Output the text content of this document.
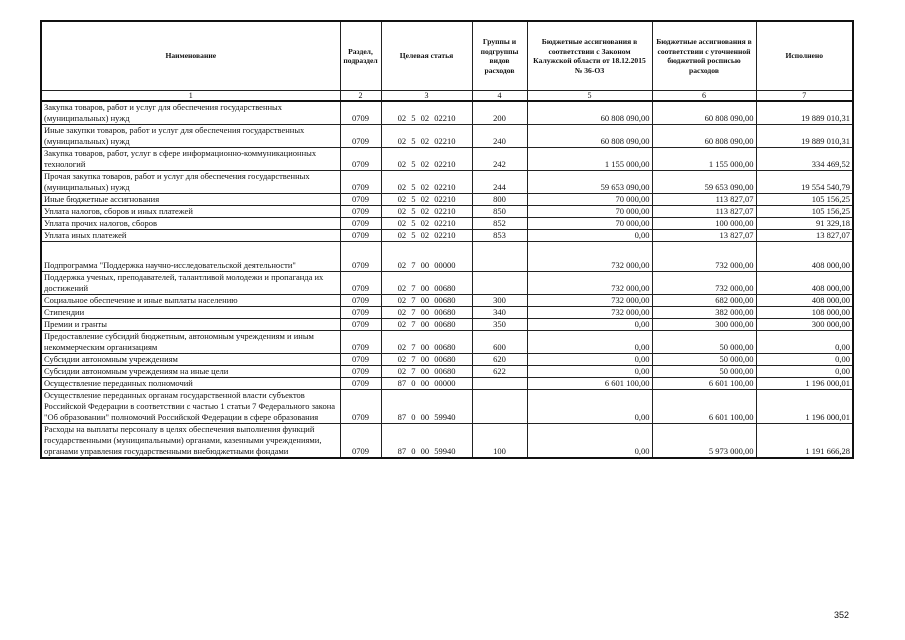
Наименование	Раздел, подраздел	Целевая статья	Группы и подгруппы видов расходов	Бюджетные ассигнования в соответствии с Законом Калужской области от 18.12.2015 № 36-ОЗ	Бюджетные ассигнования в соответствии с уточненной бюджетной росписью расходов	Исполнено
1	2	3	4	5	6	7
Закупка товаров, работ и услуг для обеспечения государственных (муниципальных) нужд	0709	02 5 02 02210	200	60 808 090,00	60 808 090,00	19 889 010,31
Иные закупки товаров, работ и услуг для обеспечения государственных (муниципальных) нужд	0709	02 5 02 02210	240	60 808 090,00	60 808 090,00	19 889 010,31
Закупка товаров, работ, услуг в сфере информационно-коммуникационных технологий	0709	02 5 02 02210	242	1 155 000,00	1 155 000,00	334 469,52
Прочая закупка товаров, работ и услуг для обеспечения государственных (муниципальных) нужд	0709	02 5 02 02210	244	59 653 090,00	59 653 090,00	19 554 540,79
Иные бюджетные ассигнования	0709	02 5 02 02210	800	70 000,00	113 827,07	105 156,25
Уплата налогов, сборов и иных платежей	0709	02 5 02 02210	850	70 000,00	113 827,07	105 156,25
Уплата прочих налогов, сборов	0709	02 5 02 02210	852	70 000,00	100 000,00	91 329,18
Уплата иных платежей	0709	02 5 02 02210	853	0,00	13 827,07	13 827,07
Подпрограмма "Поддержка научно-исследовательской деятельности"	0709	02 7 00 00000		732 000,00	732 000,00	408 000,00
Поддержка ученых, преподавателей, талантливой молодежи и пропаганда их достижений	0709	02 7 00 00680		732 000,00	732 000,00	408 000,00
Социальное обеспечение и иные выплаты населению	0709	02 7 00 00680	300	732 000,00	682 000,00	408 000,00
Стипендии	0709	02 7 00 00680	340	732 000,00	382 000,00	108 000,00
Премии и гранты	0709	02 7 00 00680	350	0,00	300 000,00	300 000,00
Предоставление субсидий бюджетным, автономным учреждениям и иным некоммерческим организациям	0709	02 7 00 00680	600	0,00	50 000,00	0,00
Субсидии автономным учреждениям	0709	02 7 00 00680	620	0,00	50 000,00	0,00
Субсидии автономным учреждениям на иные цели	0709	02 7 00 00680	622	0,00	50 000,00	0,00
Осуществление переданных полномочий	0709	87 0 00 00000		6 601 100,00	6 601 100,00	1 196 000,01
Осуществление переданных органам государственной власти субъектов Российской Федерации в соответствии с частью 1 статьи 7 Федерального закона "Об образовании" полномочий Российской Федерации в сфере образования	0709	87 0 00 59940		0,00	6 601 100,00	1 196 000,01
Расходы на выплаты персоналу в целях обеспечения выполнения функций государственными (муниципальными) органами, казенными учреждениями, органами управления государственными внебюджетными фондами	0709	87 0 00 59940	100	0,00	5 973 000,00	1 191 666,28
352
